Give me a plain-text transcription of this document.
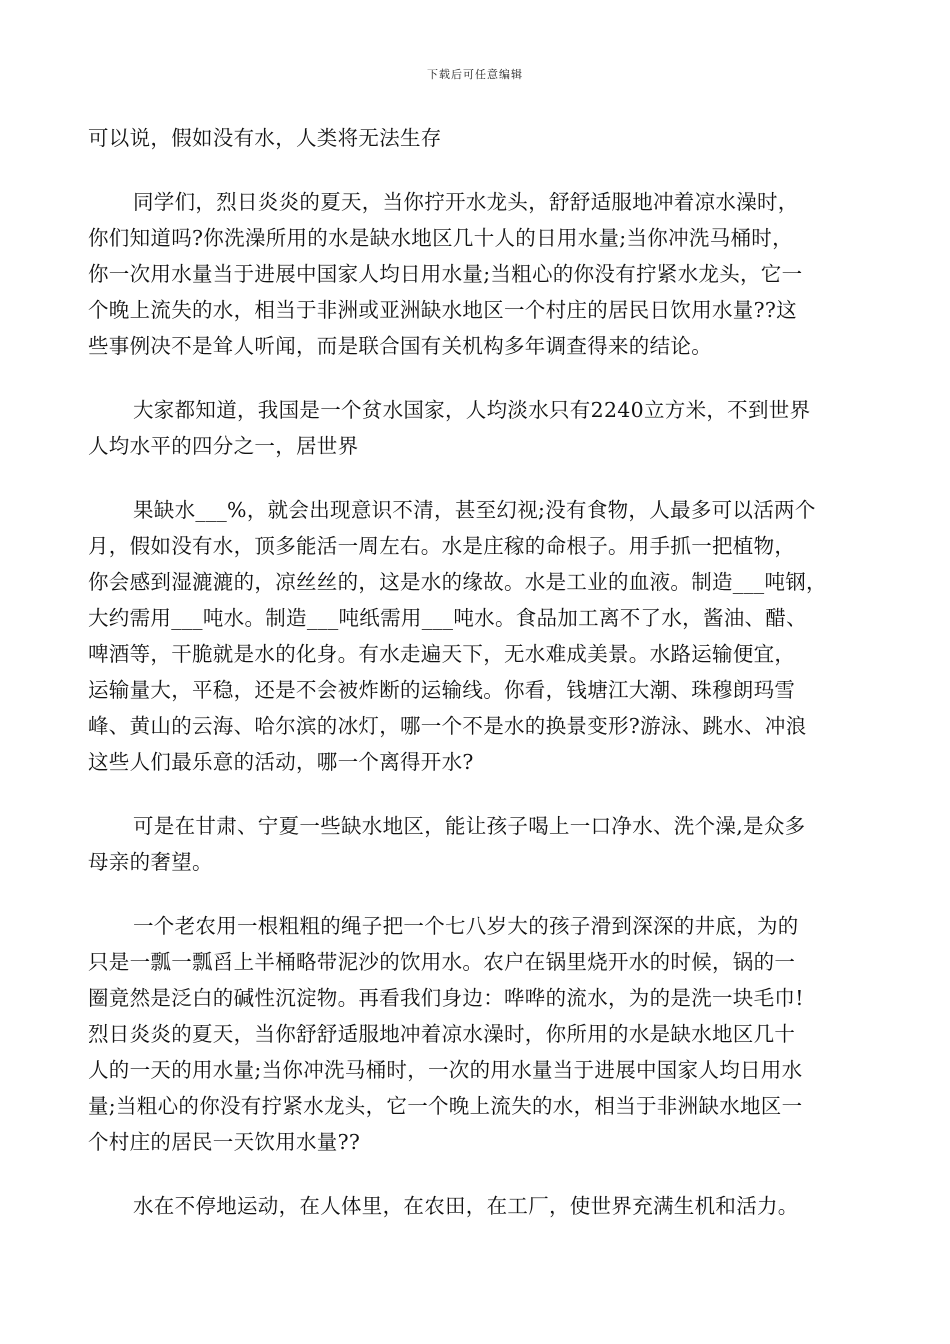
下载后可任意编辑

可以说，假如没有水，人类将无法生存

同学们，烈日炎炎的夏天，当你拧开水龙头，舒舒适服地冲着凉水澡时，
你们知道吗?你洗澡所用的水是缺水地区几十人的日用水量;当你冲洗马桶时，
你一次用水量当于进展中国家人均日用水量;当粗心的你没有拧紧水龙头，它一
个晚上流失的水，相当于非洲或亚洲缺水地区一个村庄的居民日饮用水量??这
些事例决不是耸人听闻，而是联合国有关机构多年调查得来的结论。

大家都知道，我国是一个贫水国家，人均淡水只有2240立方米，不到世界
人均水平的四分之一，居世界

果缺水___%，就会出现意识不清，甚至幻视;没有食物，人最多可以活两个
月，假如没有水，顶多能活一周左右。水是庄稼的命根子。用手抓一把植物，
你会感到湿漉漉的，凉丝丝的，这是水的缘故。水是工业的血液。制造___吨钢，
大约需用___吨水。制造___吨纸需用___吨水。食品加工离不了水，酱油、醋、
啤酒等，干脆就是水的化身。有水走遍天下，无水难成美景。水路运输便宜，
运输量大，平稳，还是不会被炸断的运输线。你看，钱塘江大潮、珠穆朗玛雪
峰、黄山的云海、哈尔滨的冰灯，哪一个不是水的换景变形?游泳、跳水、冲浪
这些人们最乐意的活动，哪一个离得开水?

可是在甘肃、宁夏一些缺水地区，能让孩子喝上一口净水、洗个澡,是众多
母亲的奢望。

一个老农用一根粗粗的绳子把一个七八岁大的孩子滑到深深的井底，为的
只是一瓢一瓢舀上半桶略带泥沙的饮用水。农户在锅里烧开水的时候，锅的一
圈竟然是泛白的碱性沉淀物。再看我们身边：哗哗的流水，为的是洗一块毛巾!
烈日炎炎的夏天，当你舒舒适服地冲着凉水澡时，你所用的水是缺水地区几十
人的一天的用水量;当你冲洗马桶时，一次的用水量当于进展中国家人均日用水
量;当粗心的你没有拧紧水龙头，它一个晚上流失的水，相当于非洲缺水地区一
个村庄的居民一天饮用水量??

水在不停地运动，在人体里，在农田，在工厂，使世界充满生机和活力。
